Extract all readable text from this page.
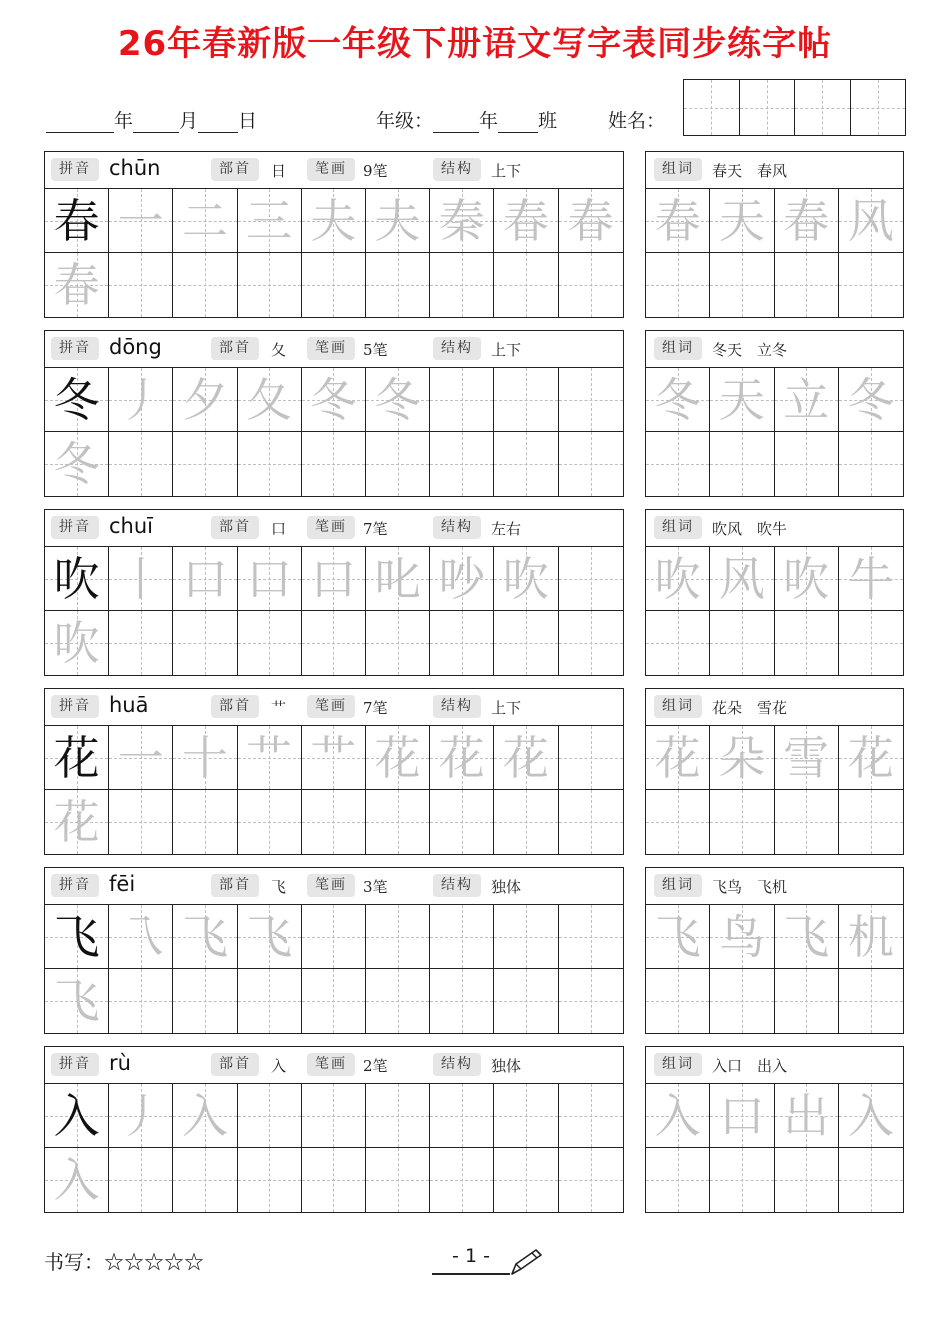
26年春新版一年级下册语文写字表同步练字帖
年 月 日	年级： 年 班	姓名：
拼音 chūn	部首	日	笔画	9笔	结构	上下
春 一 二 三 夫 夫 秦 春 春
春
组词	春天　春风
春 天 春 风
拼音 dōng	部首	夂	笔画	5笔	结构	上下
冬 丿 夕 夂 冬 冬
冬
组词	冬天　立冬
冬 天 立 冬
拼音 chuī	部首	口	笔画	7笔	结构	左右
吹 丨 口 口 口 叱 吵 吹
吹
组词	吹风　吹牛
吹 风 吹 牛
拼音 huā	部首	艹	笔画	7笔	结构	上下
花 一 十 艹 艹 花 花 花
花
组词	花朵　雪花
花 朵 雪 花
拼音 fēi	部首	飞	笔画	3笔	结构	独体
飞 乁 飞 飞
飞
组词	飞鸟　飞机
飞 鸟 飞 机
拼音 rù	部首	入	笔画	2笔	结构	独体
入 丿 入
入
组词	入口　出入
入 口 出 入
书写：☆☆☆☆☆	- 1 -
